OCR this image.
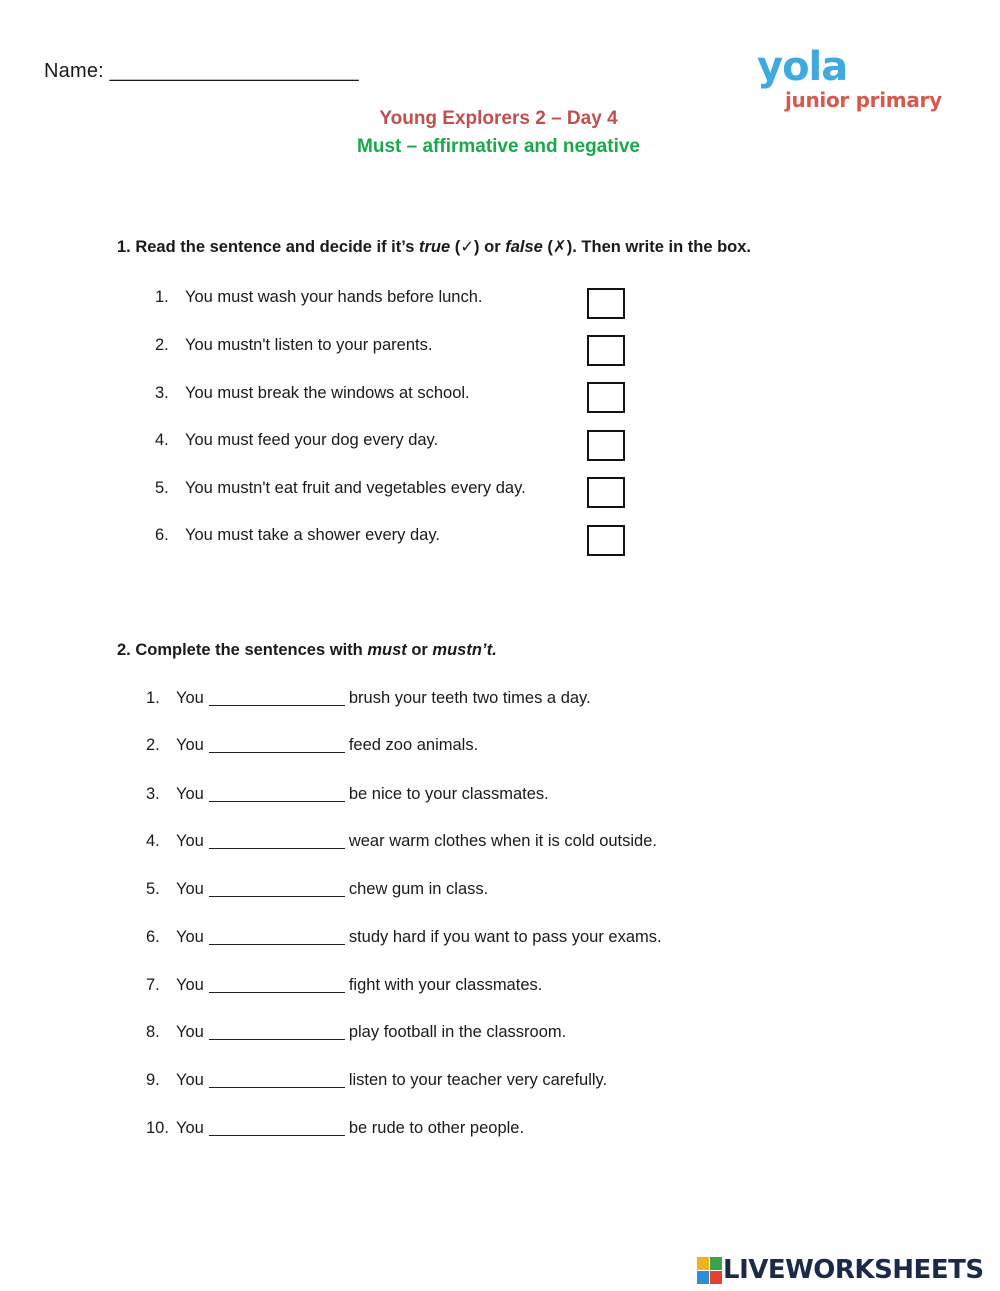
Name: ______________________	yola
junior primary
Young Explorers 2 – Day 4
Must – affirmative and negative
1. Read the sentence and decide if it’s true (✓) or false (✗). Then write in the box.
1. You must wash your hands before lunch.
2. You mustn't listen to your parents.
3. You must break the windows at school.
4. You must feed your dog every day.
5. You mustn't eat fruit and vegetables every day.
6. You must take a shower every day.
2. Complete the sentences with must or mustn’t.
1. You	brush your teeth two times a day.
2. You	feed zoo animals.
3. You	be nice to your classmates.
4. You	wear warm clothes when it is cold outside.
5. You	chew gum in class.
6. You	study hard if you want to pass your exams.
7. You	fight with your classmates.
8. You	play football in the classroom.
9. You	listen to your teacher very carefully.
10. You	be rude to other people.
LIVEWORKSHEETS
